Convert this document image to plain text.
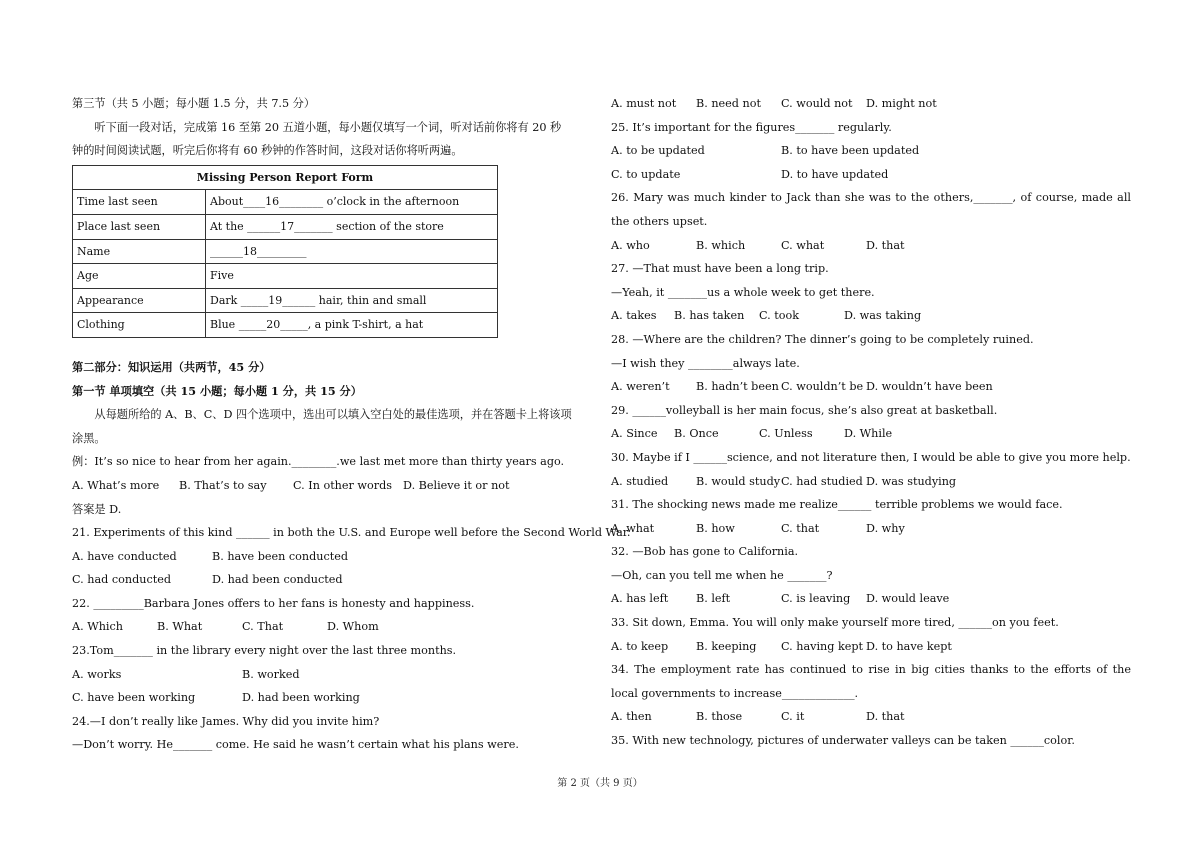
第三节（共 5 小题；每小题 1.5 分，共 7.5 分）
听下面一段对话，完成第 16 至第 20 五道小题，每小题仅填写一个词，听对话前你将有 20 秒钟的时间阅读试题，听完后你将有 60 秒钟的作答时间，这段对话你将听两遍。
Missing Person Report Form	
Time last seen	About____16________ o’clock in the afternoon
Place last seen	At the ______17_______ section of the store
Name	______18_________
Age	Five
Appearance	Dark _____19______ hair, thin and small
Clothing	Blue _____20_____, a pink T-shirt, a hat
第二部分：知识运用（共两节，45 分）
第一节 单项填空（共 15 小题；每小题 1 分，共 15 分）
从每题所给的 A、B、C、D 四个选项中，选出可以填入空白处的最佳选项，并在答题卡上将该项涂黑。
例：It’s so nice to hear from her again.________.we last met more than thirty years ago.
A. What’s more	B. That’s to say	C. In other words D. Believe it or not
答案是 D.
21. Experiments of this kind ______ in both the U.S. and Europe well before the Second World War.
A. have conducted	B. have been conducted
C. had conducted	D. had been conducted
22. _________Barbara Jones offers to her fans is honesty and happiness.
A. Which	B. What	C. That	D. Whom
23.Tom_______ in the library every night over the last three months.
A. works	B. worked
C. have been working	D. had been working
24.—I don’t really like James. Why did you invite him?
—Don’t worry. He_______ come. He said he wasn’t certain what his plans were.
A. must not	B. need not	C. would not	D. might not
25. It’s important for the figures_______ regularly.
A. to be updated	B. to have been updated
C. to update	D. to have updated
26. Mary was much kinder to Jack than she was to the others,_______, of course, made all the others upset.
A. who	B. which	C. what	D. that
27. —That must have been a long trip.
—Yeah, it _______us a whole week to get there.
A. takes	B. has taken	C. took	D. was taking
28. —Where are the children? The dinner’s going to be completely ruined.
—I wish they ________always late.
A. weren’t	B. hadn’t been C. wouldn’t be D. wouldn’t have been
29. ______volleyball is her main focus, she’s also great at basketball.
A. Since	B. Once	C. Unless	D. While
30. Maybe if I ______science, and not literature then, I would be able to give you more help.
A. studied	B. would study C. had studied D. was studying
31. The shocking news made me realize______ terrible problems we would face.
A. what	B. how	C. that	D. why
32. —Bob has gone to California.
—Oh, can you tell me when he _______?
A. has left	B. left	C. is leaving	D. would leave
33. Sit down, Emma. You will only make yourself more tired, ______on you feet.
A. to keep	B. keeping	C. having kept D. to have kept
34. The employment rate has continued to rise in big cities thanks to the efforts of the local governments to increase_____________.
A. then	B. those	C. it	D. that
35. With new technology, pictures of underwater valleys can be taken ______color.
第 2 页（共 9 页）
